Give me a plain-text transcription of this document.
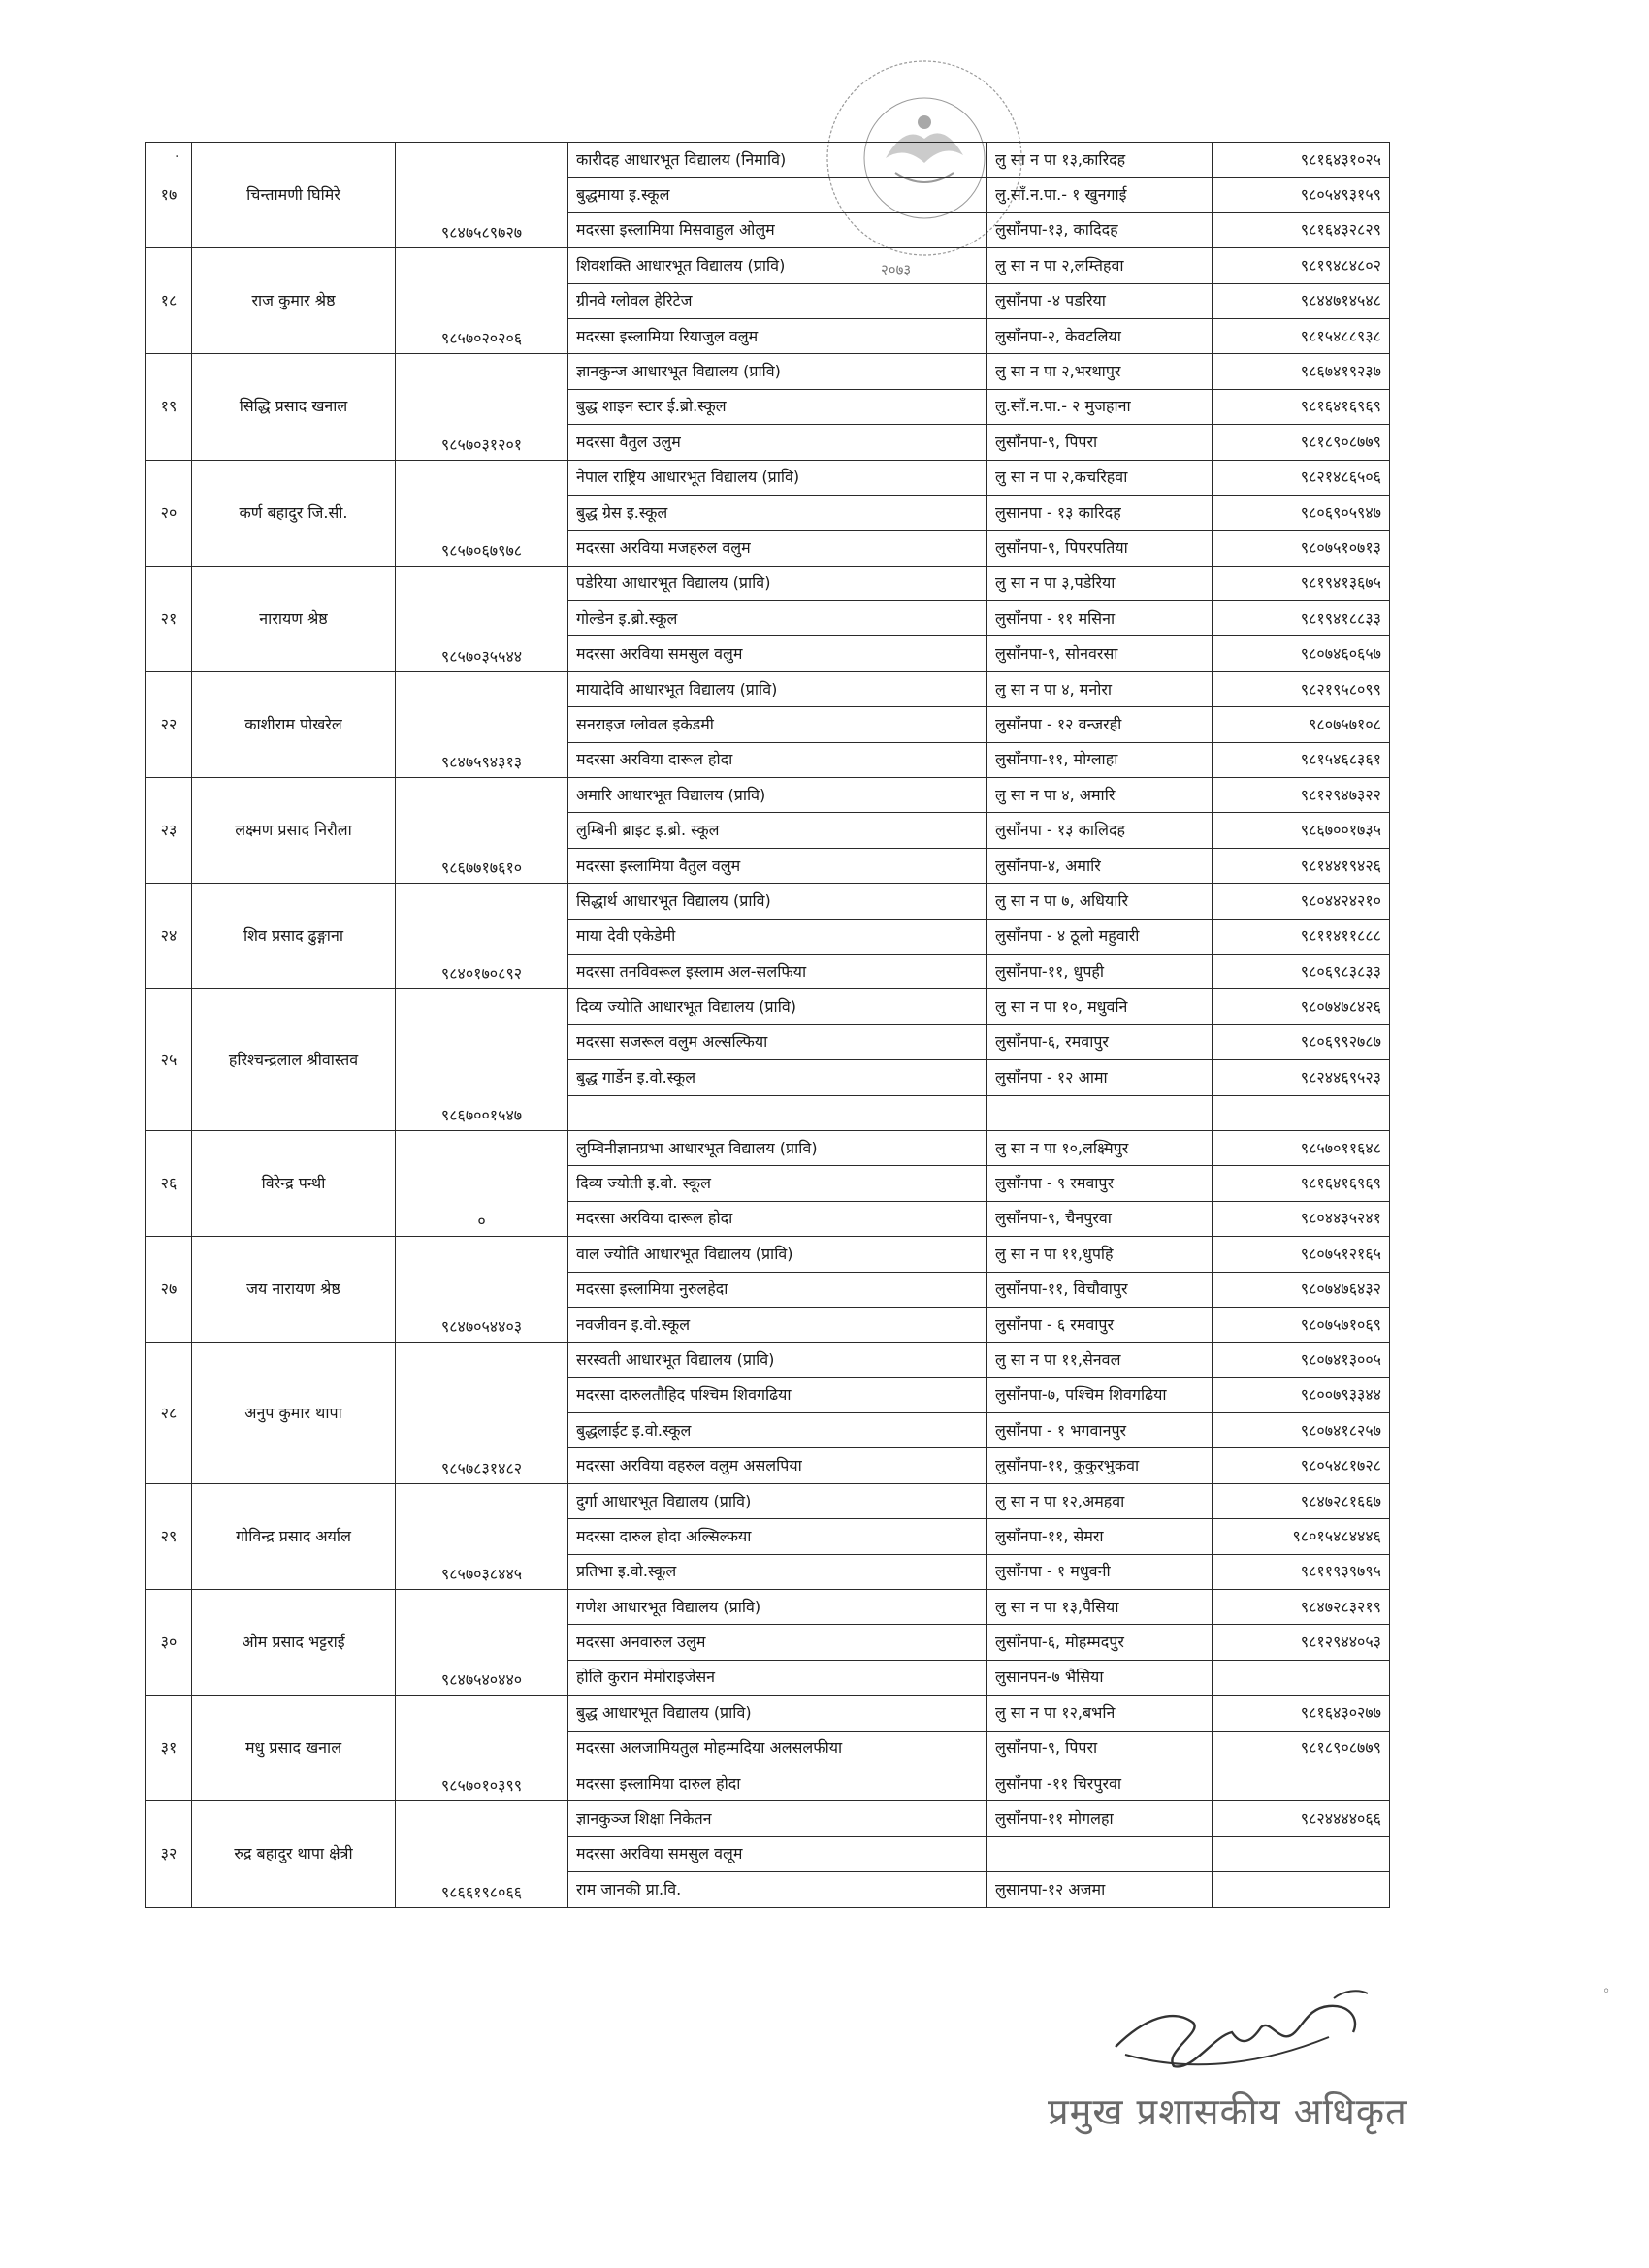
२०७३
१७	चिन्तामणी घिमिरे	९८४७५८९७२७	कारीदह आधारभूत विद्यालय (निमावि)	लु सा न पा १३,कारिदह	९८१६४३१०२५
			बुद्धमाया इ.स्कूल	लु.साँ.न.पा.- १ खुनगाई	९८०५४९३१५९
			मदरसा इस्लामिया मिसवाहुल ओलुम	लुसाँनपा-१३, कादिदह	९८१६४३२८२९
१८	राज कुमार श्रेष्ठ	९८५७०२०२०६	शिवशक्ति आधारभूत विद्यालय (प्रावि)	लु सा न पा २,लम्तिहवा	९८१९४८४८०२
			ग्रीनवे ग्लोवल हेरिटेज	लुसाँनपा -४ पडरिया	९८४४७१४५४८
			मदरसा इस्लामिया रियाजुल वलुम	लुसाँनपा-२, केवटलिया	९८१५४८८९३८
१९	सिद्धि प्रसाद खनाल	९८५७०३१२०१	ज्ञानकुन्ज आधारभूत विद्यालय (प्रावि)	लु सा न पा २,भरथापुर	९८६७४१९२३७
			बुद्ध शाइन स्टार ई.ब्रो.स्कूल	लु.साँ.न.पा.- २ मुजहाना	९८१६४१६९६९
			मदरसा वैतुल उलुम	लुसाँनपा-९, पिपरा	९८१८९०८७७९
२०	कर्ण बहादुर जि.सी.	९८५७०६७९७८	नेपाल राष्ट्रिय आधारभूत विद्यालय (प्रावि)	लु सा न पा २,कचरिहवा	९८२१४८६५०६
			बुद्ध ग्रेस इ.स्कूल	लुसानपा - १३ कारिदह	९८०६९०५९४७
			मदरसा अरविया मजहरुल वलुम	लुसाँनपा-९, पिपरपतिया	९८०७५१०७१३
२१	नारायण श्रेष्ठ	९८५७०३५५४४	पडेरिया आधारभूत विद्यालय (प्रावि)	लु सा न पा ३,पडेरिया	९८१९४१३६७५
			गोल्डेन इ.ब्रो.स्कूल	लुसाँनपा - ११ मसिना	९८१९४१८८३३
			मदरसा अरविया समसुल वलुम	लुसाँनपा-९, सोनवरसा	९८०७४६०६५७
२२	काशीराम पोखरेल	९८४७५९४३१३	मायादेवि आधारभूत विद्यालय (प्रावि)	लु सा न पा ४, मनोरा	९८२१९५८०९९
			सनराइज ग्लोवल इकेडमी	लुसाँनपा - १२ वन्जरही	९८०७५७१०८
			मदरसा अरविया दारूल होदा	लुसाँनपा-११, मोग्लाहा	९८१५४६८३६१
२३	लक्ष्मण प्रसाद निरौला	९८६७७१७६१०	अमारि आधारभूत विद्यालय (प्रावि)	लु सा न पा ४, अमारि	९८१२९४७३२२
			लुम्बिनी ब्राइट इ.ब्रो. स्कूल	लुसाँनपा - १३ कालिदह	९८६७००१७३५
			मदरसा इस्लामिया वैतुल वलुम	लुसाँनपा-४, अमारि	९८१४४१९४२६
२४	शिव प्रसाद ढुङ्गाना	९८४०१७०८९२	सिद्धार्थ आधारभूत विद्यालय (प्रावि)	लु सा न पा ७, अधियारि	९८०४४२४२१०
			माया देवी एकेडेमी	लुसाँनपा - ४ ठूलो महुवारी	९८११४११८८८
			मदरसा तनविवरूल इस्लाम अल-सलफिया	लुसाँनपा-११, धुपही	९८०६९८३८३३
२५	हरिश्चन्द्रलाल श्रीवास्तव	९८६७००१५४७	दिव्य ज्योति आधारभूत विद्यालय (प्रावि)	लु सा न पा १०, मधुवनि	९८०७४७८४२६
			मदरसा सजरूल वलुम अल्सल्फिया	लुसाँनपा-६, रमवापुर	९८०६९९२७८७
			बुद्ध गार्डेन इ.वो.स्कूल	लुसाँनपा - १२ आमा	९८२४४६९५२३

२६	विरेन्द्र पन्थी	०	लुम्विनीज्ञानप्रभा आधारभूत विद्यालय (प्रावि)	लु सा न पा १०,लक्ष्मिपुर	९८५७०११६४८
			दिव्य ज्योती इ.वो. स्कूल	लुसाँनपा - ९ रमवापुर	९८१६४१६९६९
			मदरसा अरविया दारूल होदा	लुसाँनपा-९, चैनपुरवा	९८०४४३५२४१
२७	जय नारायण श्रेष्ठ	९८४७०५४४०३	वाल ज्योति आधारभूत विद्यालय (प्रावि)	लु सा न पा ११,धुपहि	९८०७५१२१६५
			मदरसा इस्लामिया नुरुलहेदा	लुसाँनपा-११, विचौवापुर	९८०७४७६४३२
			नवजीवन इ.वो.स्कूल	लुसाँनपा - ६ रमवापुर	९८०७५७१०६९
२८	अनुप कुमार थापा	९८५७८३१४८२	सरस्वती आधारभूत विद्यालय (प्रावि)	लु सा न पा ११,सेनवल	९८०७४१३००५
			मदरसा दारुलतौहिद पश्चिम शिवगढिया	लुसाँनपा-७, पश्चिम शिवगढिया	९८००७९३३४४
			बुद्धलाईट इ.वो.स्कूल	लुसाँनपा - १ भगवानपुर	९८०७४१८२५७
			मदरसा अरविया वहरुल वलुम असलपिया	लुसाँनपा-११, कुकुरभुकवा	९८०५४८१७२८
२९	गोविन्द्र प्रसाद अर्याल	९८५७०३८४४५	दुर्गा आधारभूत विद्यालय (प्रावि)	लु सा न पा १२,अमहवा	९८४७२८१६६७
			मदरसा दारुल होदा अल्सिल्फया	लुसाँनपा-११, सेमरा	९८०१५४८४४४६
			प्रतिभा इ.वो.स्कूल	लुसाँनपा - १ मधुवनी	९८११९३९७९५
३०	ओम प्रसाद भट्टराई	९८४७५४०४४०	गणेश आधारभूत विद्यालय (प्रावि)	लु सा न पा १३,पैसिया	९८४७२८३२१९
			मदरसा अनवारुल उलुम	लुसाँनपा-६, मोहम्मदपुर	९८१२९४४०५३
			होलि कुरान मेमोराइजेसन	लुसानपन-७ भैसिया	
३१	मधु प्रसाद खनाल	९८५७०१०३९९	बुद्ध आधारभूत विद्यालय (प्रावि)	लु सा न पा १२,बभनि	९८१६४३०२७७
			मदरसा अलजामियतुल मोहम्मदिया अलसलफीया	लुसाँनपा-९, पिपरा	९८१८९०८७७९
			मदरसा इस्लामिया दारुल होदा	लुसाँनपा -११ चिरपुरवा	
३२	रुद्र बहादुर थापा क्षेत्री	९८६६१९८०६६	ज्ञानकुञ्ज शिक्षा निकेतन	लुसाँनपा-११ मोगलहा	९८२४४४४०६६
			मदरसा अरविया समसुल वलूम		
			राम जानकी प्रा.वि.	लुसानपा-१२ अजमा	
प्रमुख प्रशासकीय अधिकृत
·
◦
